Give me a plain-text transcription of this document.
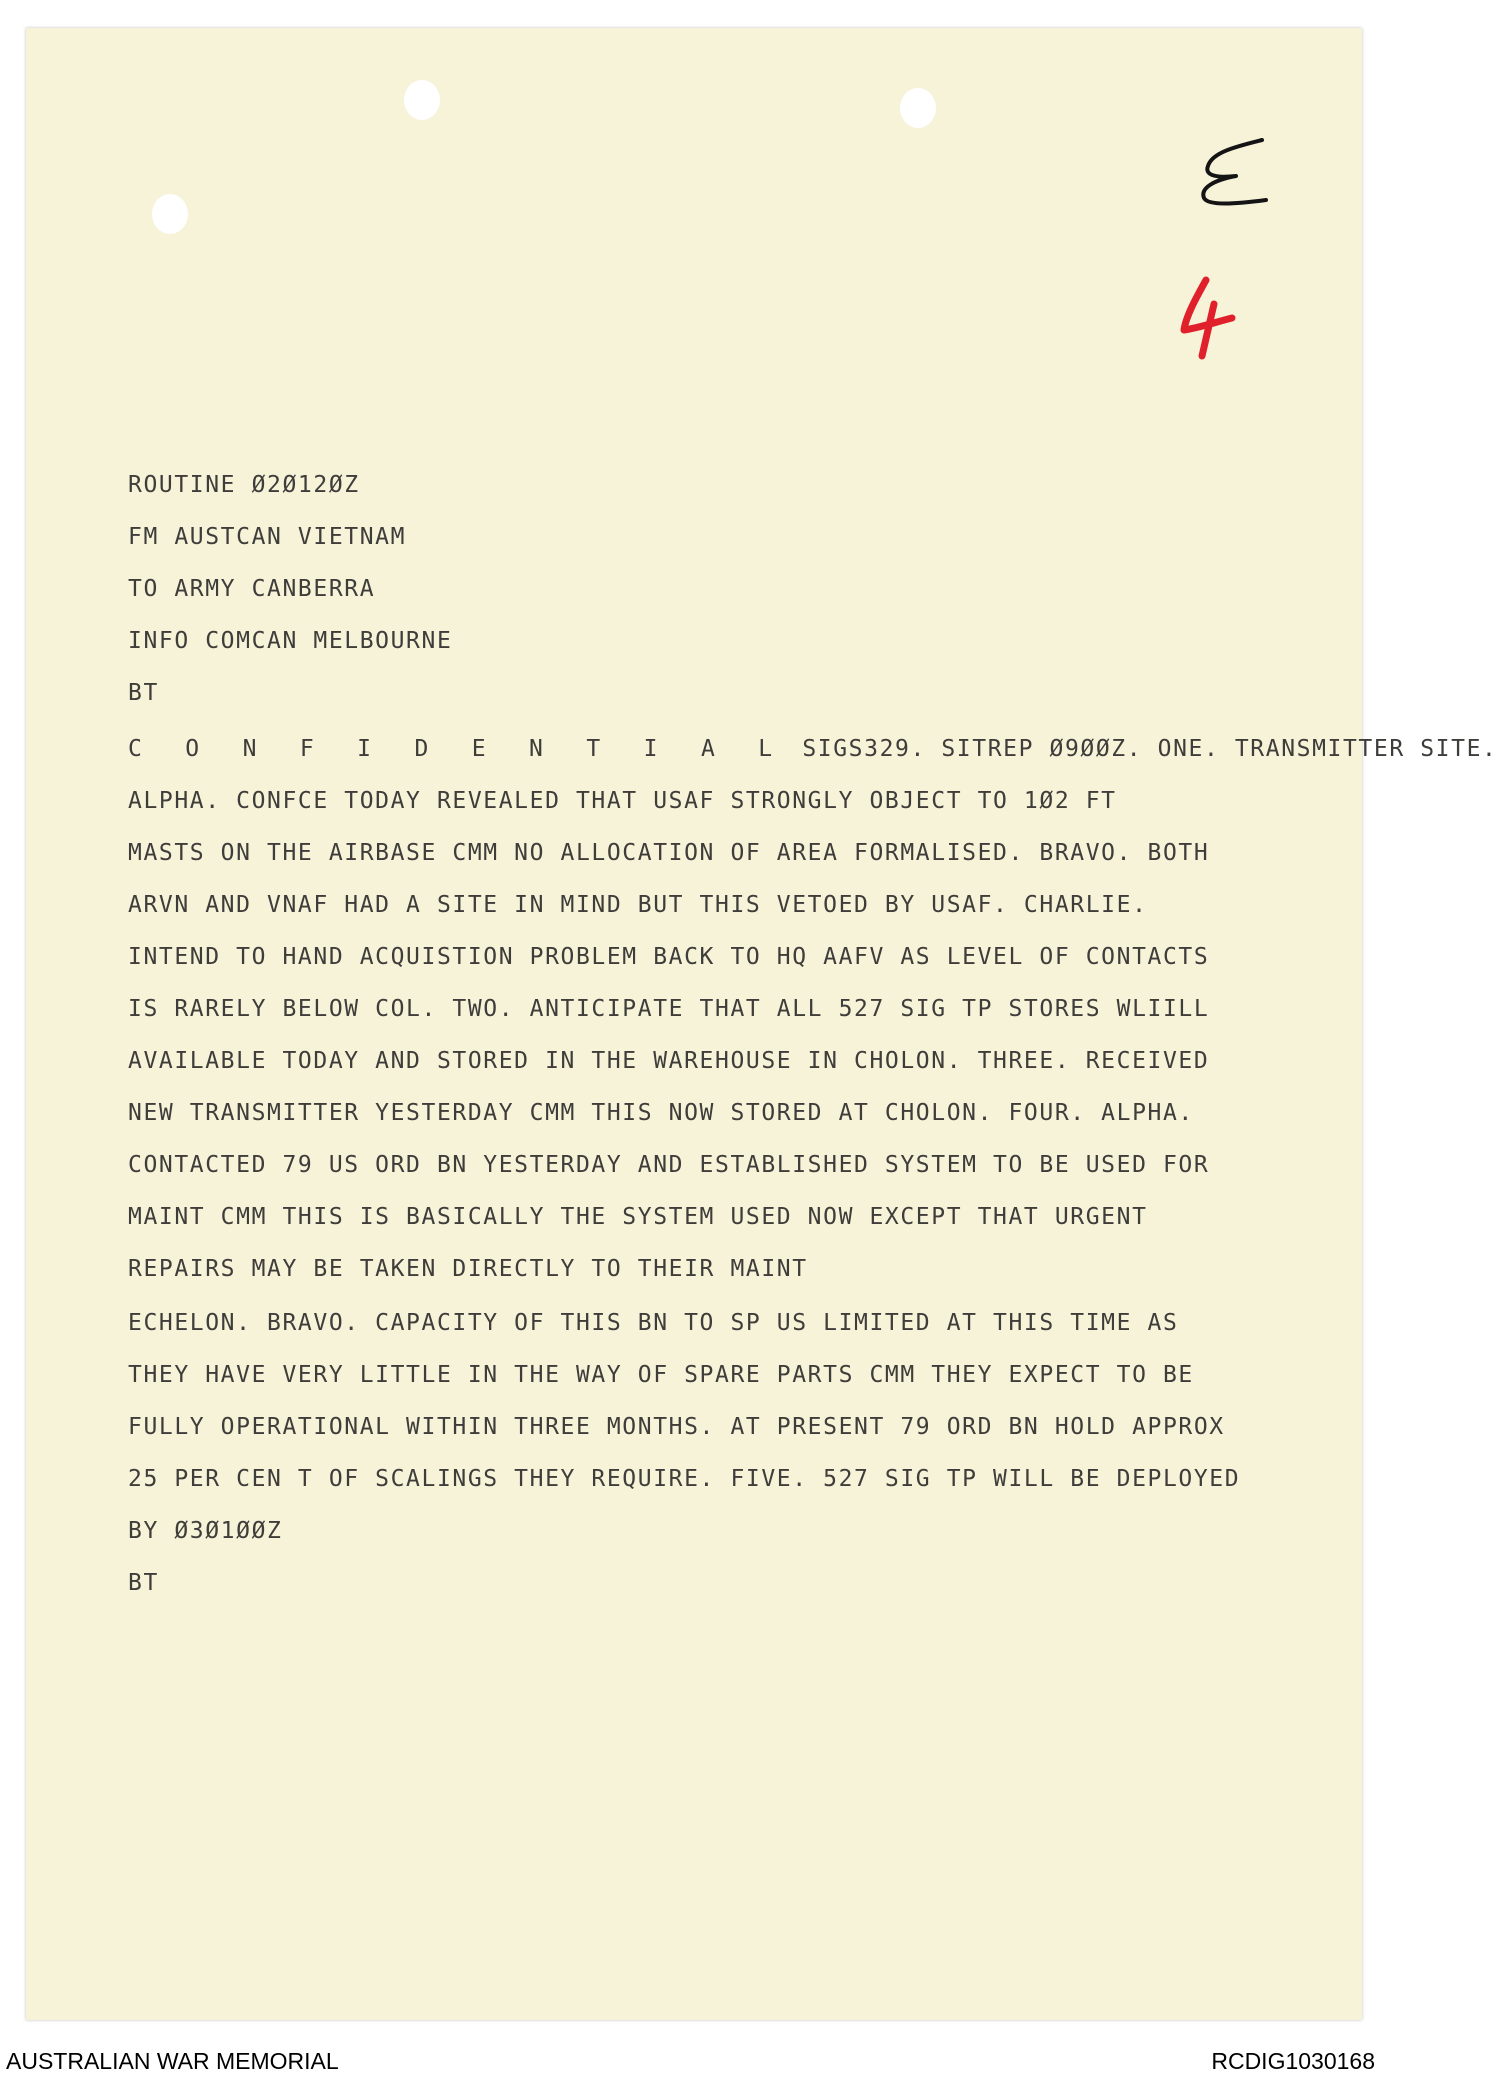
ROUTINE Ø2Ø12ØZ
FM AUSTCAN VIETNAM
TO ARMY CANBERRA
INFO COMCAN MELBOURNE
BT
C O N F I D E N T I A L SIGS329. SITREP Ø9ØØZ. ONE. TRANSMITTER SITE.
ALPHA. CONFCE TODAY REVEALED THAT USAF STRONGLY OBJECT TO 1Ø2 FT
MASTS ON THE AIRBASE CMM NO ALLOCATION OF AREA FORMALISED. BRAVO. BOTH
ARVN AND VNAF HAD A SITE IN MIND BUT THIS VETOED BY USAF. CHARLIE.
INTEND TO HAND ACQUISTION PROBLEM BACK TO HQ AAFV AS LEVEL OF CONTACTS
IS RARELY BELOW COL. TWO. ANTICIPATE THAT ALL 527 SIG TP STORES WLIILL
AVAILABLE TODAY AND STORED IN THE WAREHOUSE IN CHOLON. THREE. RECEIVED
NEW TRANSMITTER YESTERDAY CMM THIS NOW STORED AT CHOLON. FOUR. ALPHA.
CONTACTED 79 US ORD BN YESTERDAY AND ESTABLISHED SYSTEM TO BE USED FOR
MAINT CMM THIS IS BASICALLY THE SYSTEM USED NOW EXCEPT THAT URGENT
REPAIRS MAY BE TAKEN DIRECTLY TO THEIR MAINT
ECHELON. BRAVO. CAPACITY OF THIS BN TO SP US LIMITED AT THIS TIME AS
THEY HAVE VERY LITTLE IN THE WAY OF SPARE PARTS CMM THEY EXPECT TO BE
FULLY OPERATIONAL WITHIN THREE MONTHS. AT PRESENT 79 ORD BN HOLD APPROX
25 PER CEN T OF SCALINGS THEY REQUIRE. FIVE. 527 SIG TP WILL BE DEPLOYED
BY Ø3Ø1ØØZ
BT
AUSTRALIAN WAR MEMORIAL	RCDIG1030168
